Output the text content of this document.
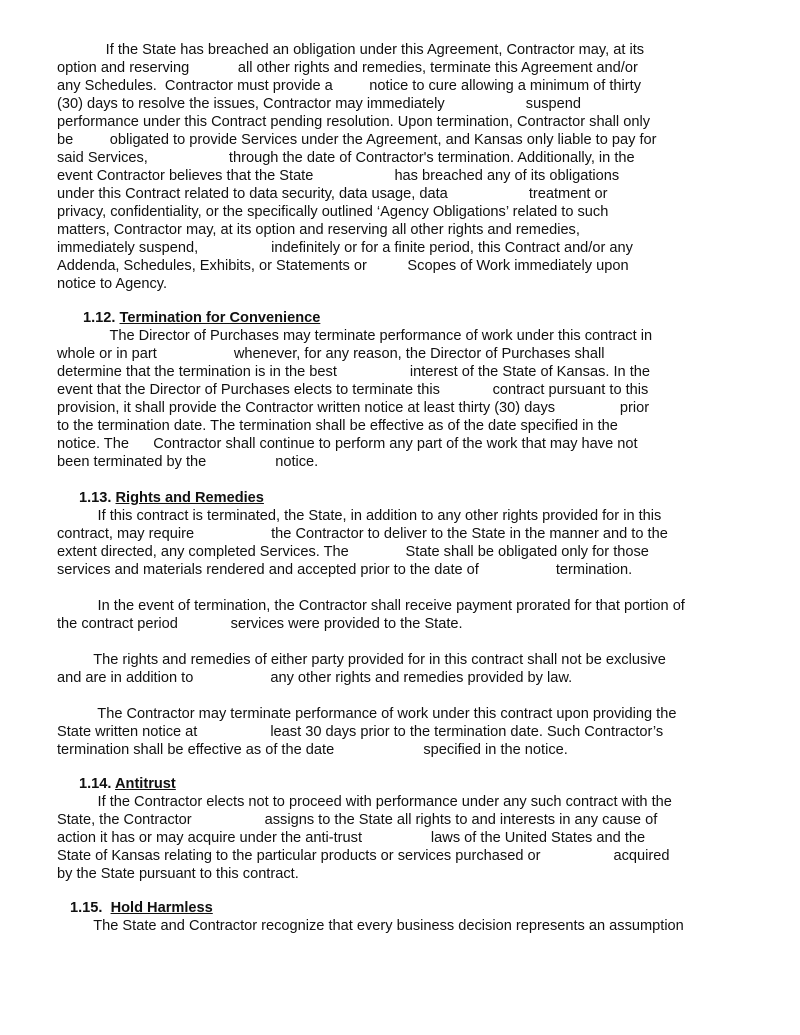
If the State has breached an obligation under this Agreement, Contractor may, at its

option and reserving            all other rights and remedies, terminate this Agreement and/or

any Schedules.  Contractor must provide a         notice to cure allowing a minimum of thirty

(30) days to resolve the issues, Contractor may immediately                    suspend

performance under this Contract pending resolution. Upon termination, Contractor shall only

be         obligated to provide Services under the Agreement, and Kansas only liable to pay for

said Services,                    through the date of Contractor's termination. Additionally, in the

event Contractor believes that the State                    has breached any of its obligations

under this Contract related to data security, data usage, data                    treatment or

privacy, confidentiality, or the specifically outlined ‘Agency Obligations’ related to such

matters, Contractor may, at its option and reserving all other rights and remedies,

immediately suspend,                  indefinitely or for a finite period, this Contract and/or any

Addenda, Schedules, Exhibits, or Statements or          Scopes of Work immediately upon

notice to Agency.

1.12. Termination for Convenience

The Director of Purchases may terminate performance of work under this contract in

whole or in part                   whenever, for any reason, the Director of Purchases shall

determine that the termination is in the best                  interest of the State of Kansas. In the

event that the Director of Purchases elects to terminate this             contract pursuant to this

provision, it shall provide the Contractor written notice at least thirty (30) days                prior

to the termination date. The termination shall be effective as of the date specified in the

notice. The      Contractor shall continue to perform any part of the work that may have not

been terminated by the                 notice.

1.13. Rights and Remedies

If this contract is terminated, the State, in addition to any other rights provided for in this

contract, may require                   the Contractor to deliver to the State in the manner and to the

extent directed, any completed Services. The              State shall be obligated only for those

services and materials rendered and accepted prior to the date of                   termination.

In the event of termination, the Contractor shall receive payment prorated for that portion of

the contract period             services were provided to the State.

The rights and remedies of either party provided for in this contract shall not be exclusive

and are in addition to                   any other rights and remedies provided by law.

The Contractor may terminate performance of work under this contract upon providing the

State written notice at                  least 30 days prior to the termination date. Such Contractor’s

termination shall be effective as of the date                      specified in the notice.

1.14. Antitrust

If the Contractor elects not to proceed with performance under any such contract with the

State, the Contractor                  assigns to the State all rights to and interests in any cause of

action it has or may acquire under the anti-trust                 laws of the United States and the

State of Kansas relating to the particular products or services purchased or                  acquired

by the State pursuant to this contract.

1.15.  Hold Harmless

The State and Contractor recognize that every business decision represents an assumption
